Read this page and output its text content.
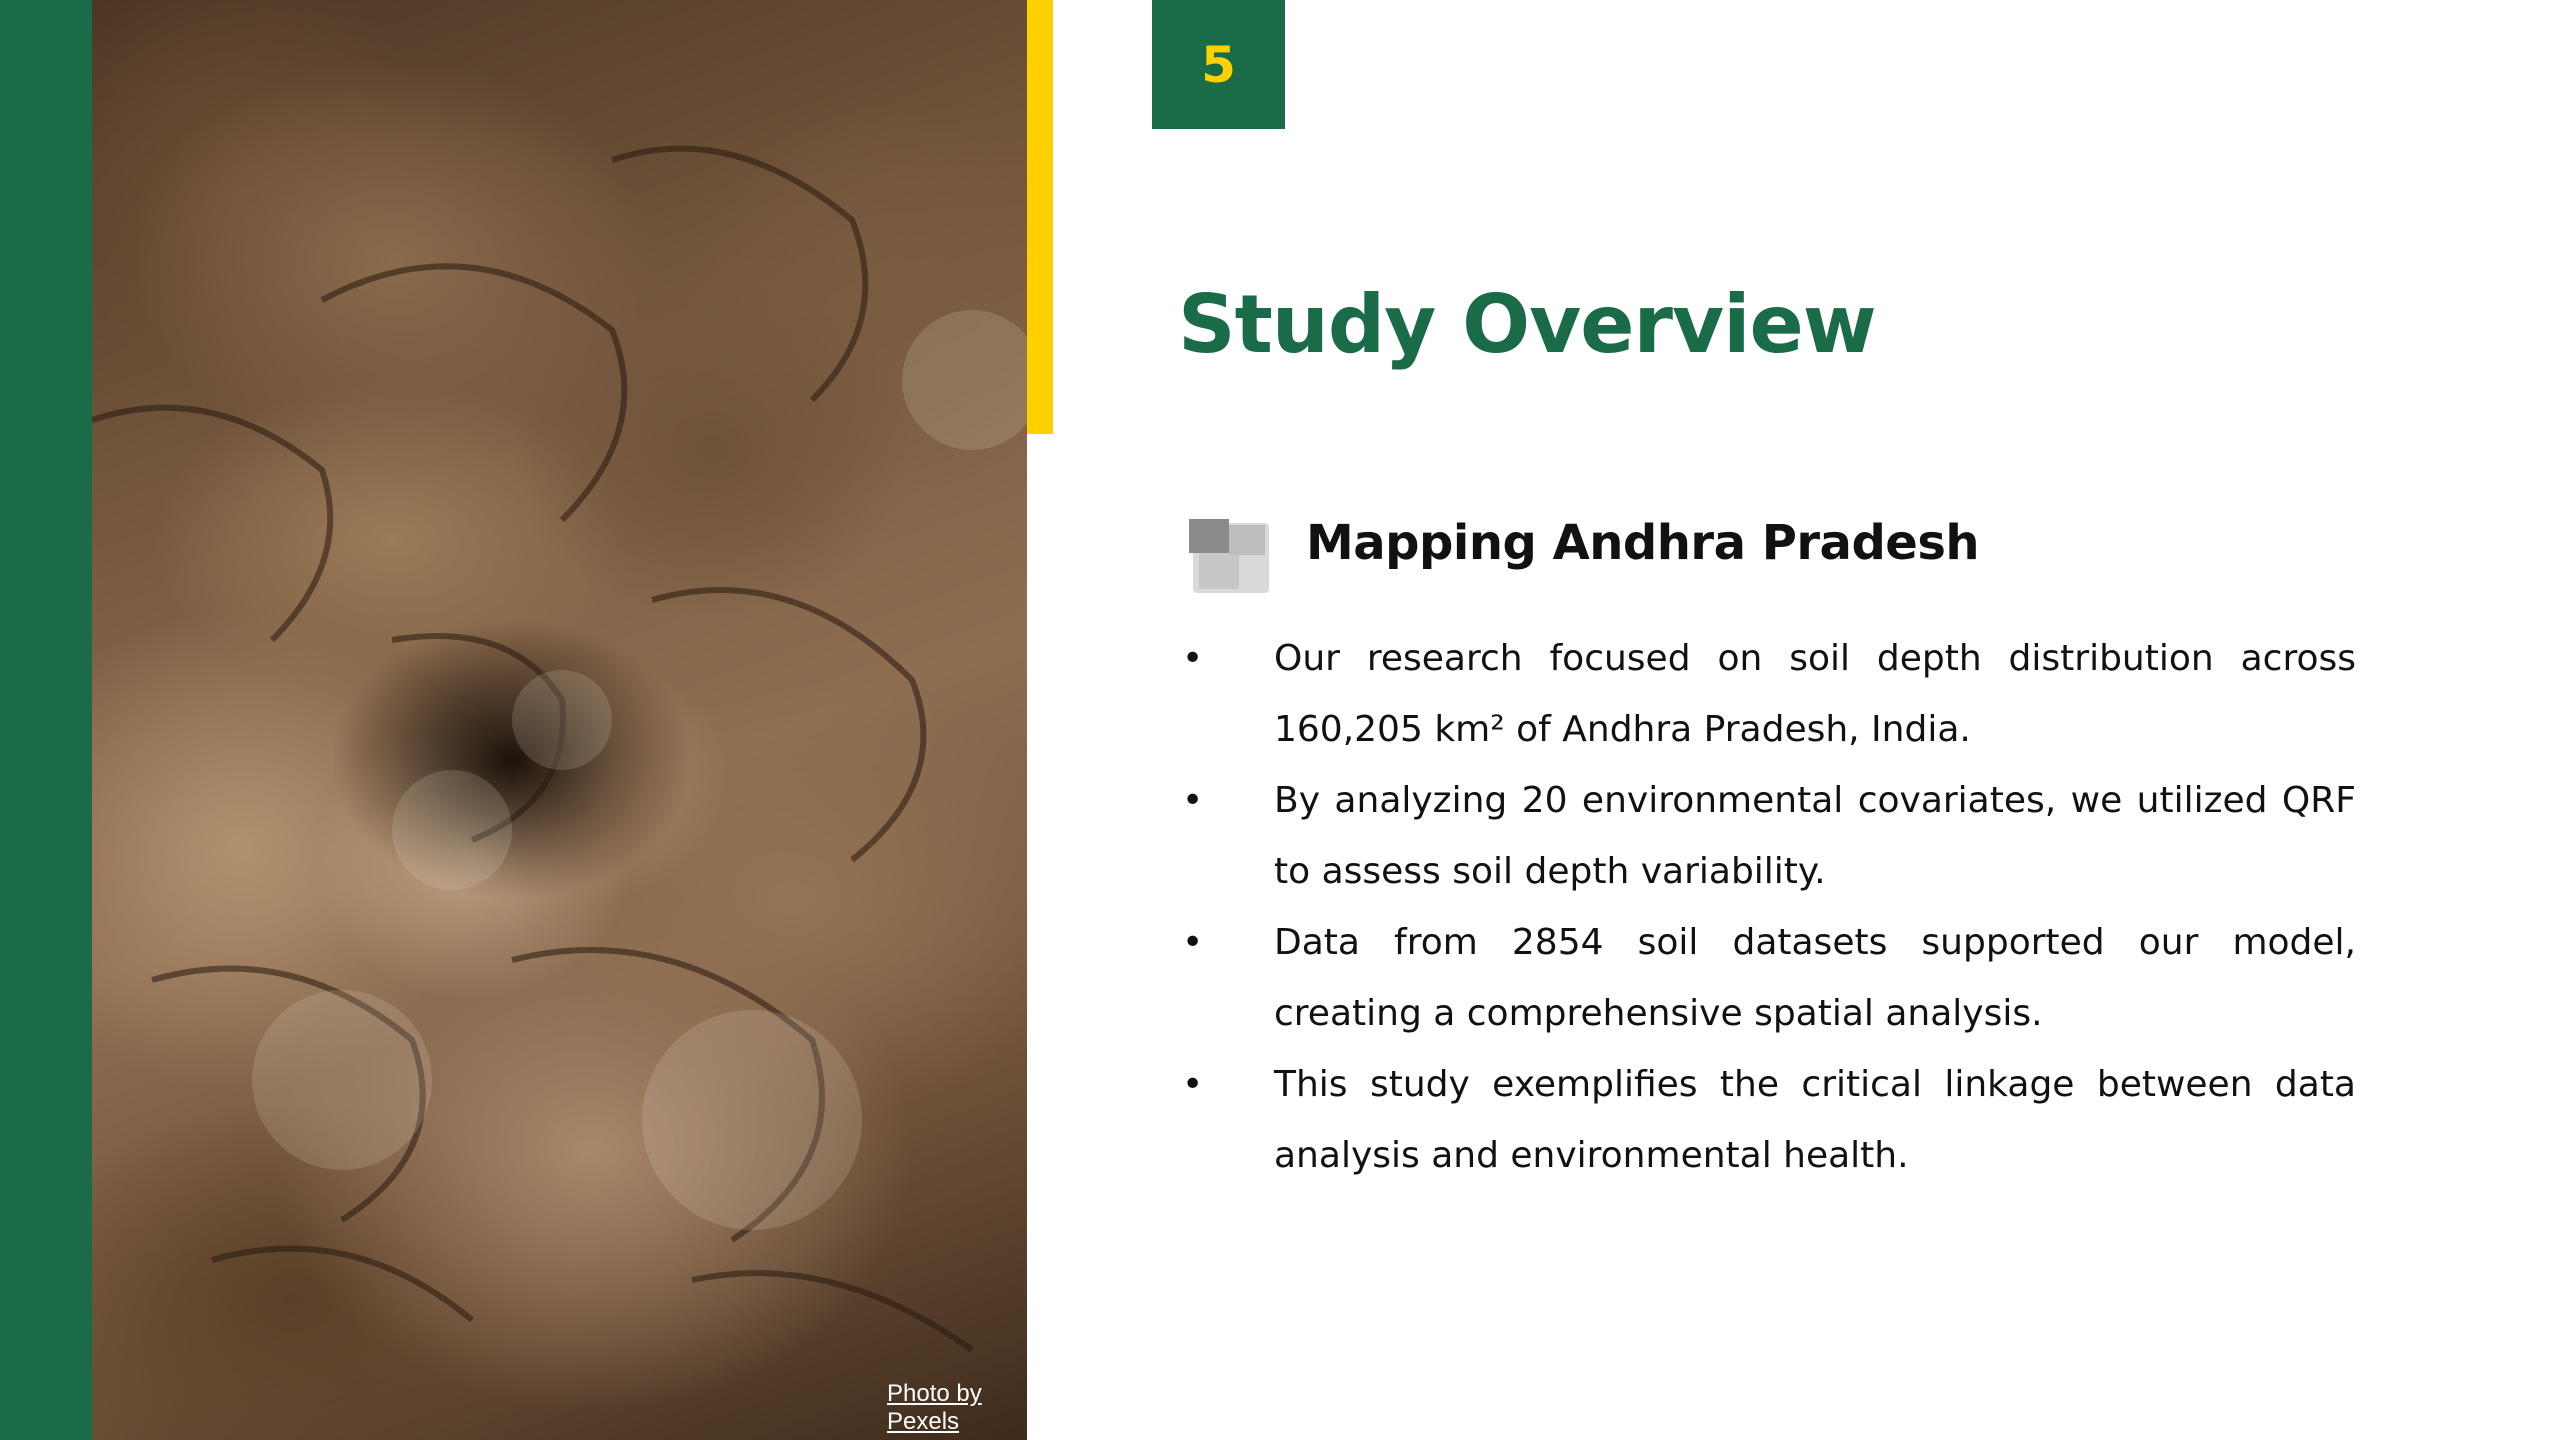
Photo by Pexels
5
Study Overview
Mapping Andhra Pradesh
• Our research focused on soil depth distribution across 160,205 km² of Andhra Pradesh, India.
• By analyzing 20 environmental covariates, we utilized QRF to assess soil depth variability.
• Data from 2854 soil datasets supported our model, creating a comprehensive spatial analysis.
• This study exemplifies the critical linkage between data analysis and environmental health.
